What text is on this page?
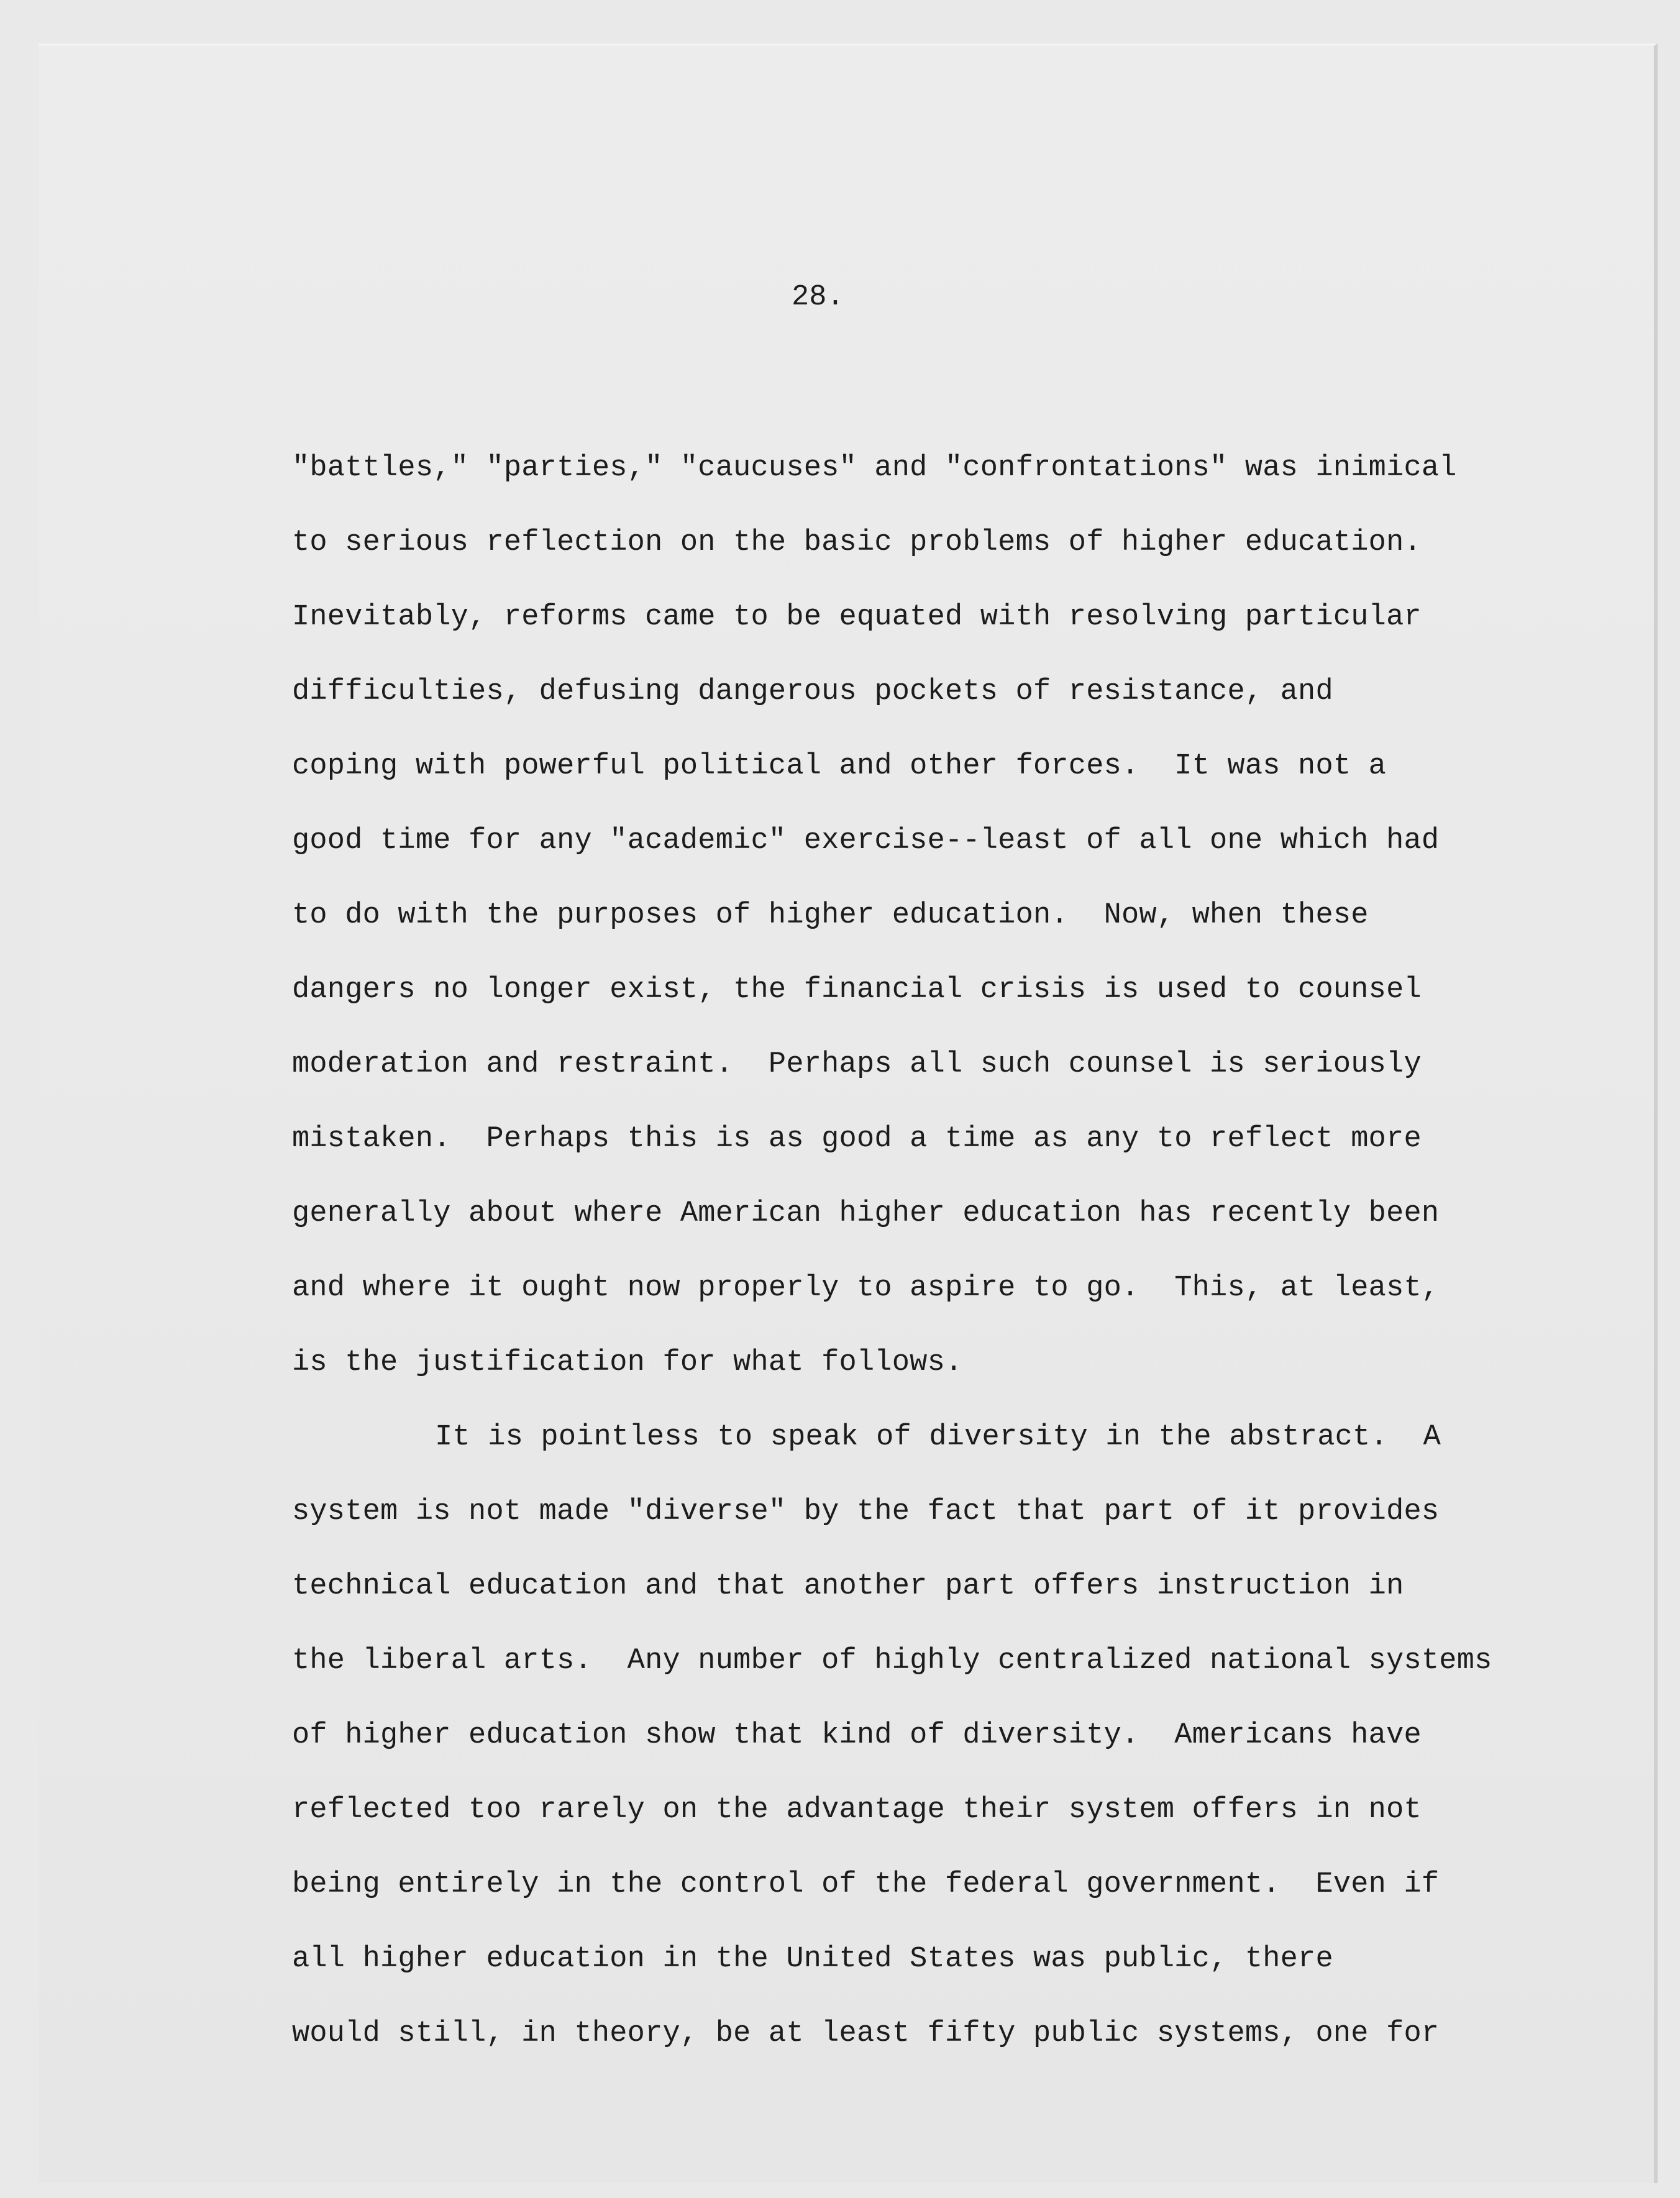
28.

"battles," "parties," "caucuses" and "confrontations" was inimical
to serious reflection on the basic problems of higher education.
Inevitably, reforms came to be equated with resolving particular
difficulties, defusing dangerous pockets of resistance, and
coping with powerful political and other forces.  It was not a
good time for any "academic" exercise--least of all one which had
to do with the purposes of higher education.  Now, when these
dangers no longer exist, the financial crisis is used to counsel
moderation and restraint.  Perhaps all such counsel is seriously
mistaken.  Perhaps this is as good a time as any to reflect more
generally about where American higher education has recently been
and where it ought now properly to aspire to go.  This, at least,
is the justification for what follows.
It is pointless to speak of diversity in the abstract.  A
system is not made "diverse" by the fact that part of it provides
technical education and that another part offers instruction in
the liberal arts.  Any number of highly centralized national systems
of higher education show that kind of diversity.  Americans have
reflected too rarely on the advantage their system offers in not
being entirely in the control of the federal government.  Even if
all higher education in the United States was public, there
would still, in theory, be at least fifty public systems, one for
